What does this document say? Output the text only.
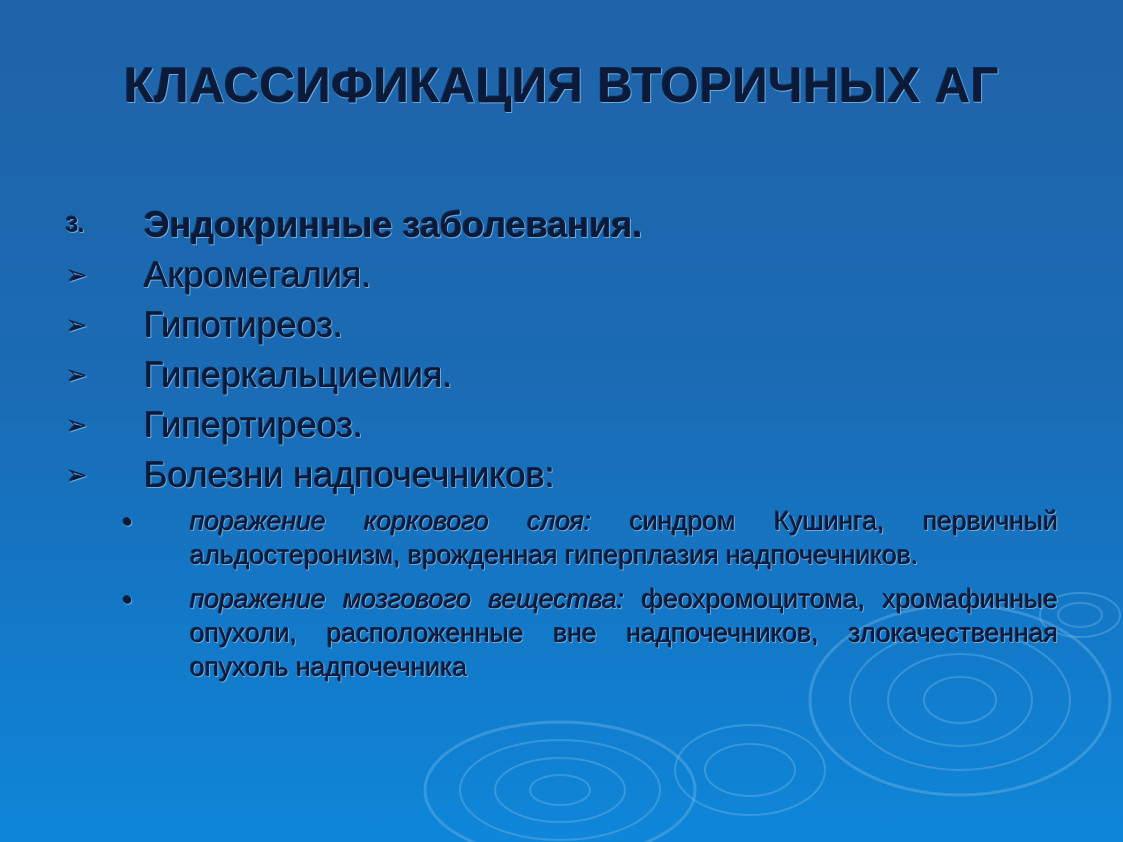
КЛАССИФИКАЦИЯ ВТОРИЧНЫХ АГ
3.	Эндокринные заболевания.
➢	Акромегалия.
➢	Гипотиреоз.
➢	Гиперкальциемия.
➢	Гипертиреоз.
➢	Болезни надпочечников:
● поражение коркового слоя: синдром Кушинга, первичный альдостеронизм, врожденная гиперплазия надпочечников.
● поражение мозгового вещества: феохромоцитома, хромафинные опухоли, расположенные вне надпочечников, злокачественная опухоль надпочечника
